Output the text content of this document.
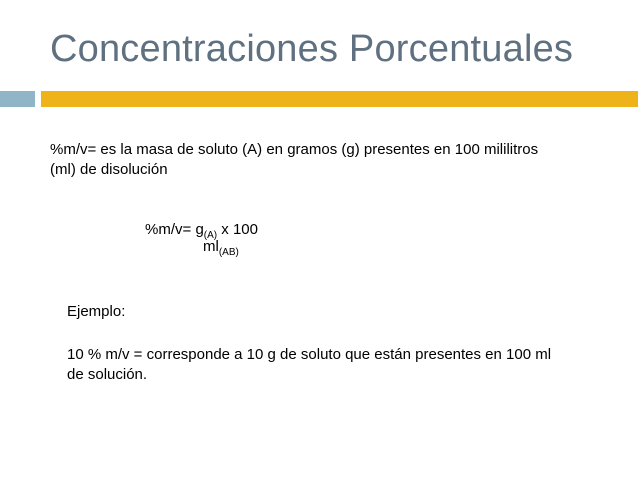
Concentraciones Porcentuales
%m/v= es la masa de soluto (A) en gramos (g) presentes en 100 mililitros
(ml) de disolución
$\%m/v= g_{(A)}$ x 100
$ml_{(AB)}$
Ejemplo:
10 % m/v = corresponde a 10 g de soluto que están presentes en 100 ml
de solución.
